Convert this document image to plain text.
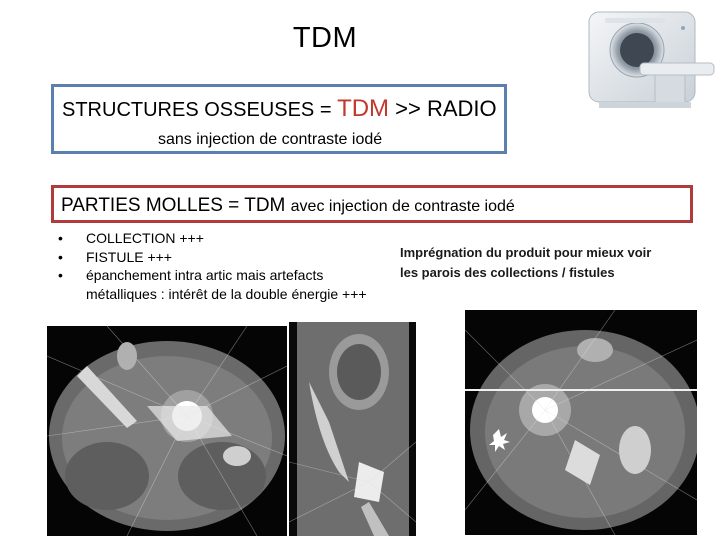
TDM
STRUCTURES OSSEUSES = TDM >> RADIO
sans injection de contraste iodé
PARTIES MOLLES = TDM avec injection de contraste iodé
• COLLECTION +++
• FISTULE +++
• épanchement intra artic mais artefacts
métalliques : intérêt de la double énergie +++
Imprégnation du produit pour mieux voir
les parois des collections / fistules
